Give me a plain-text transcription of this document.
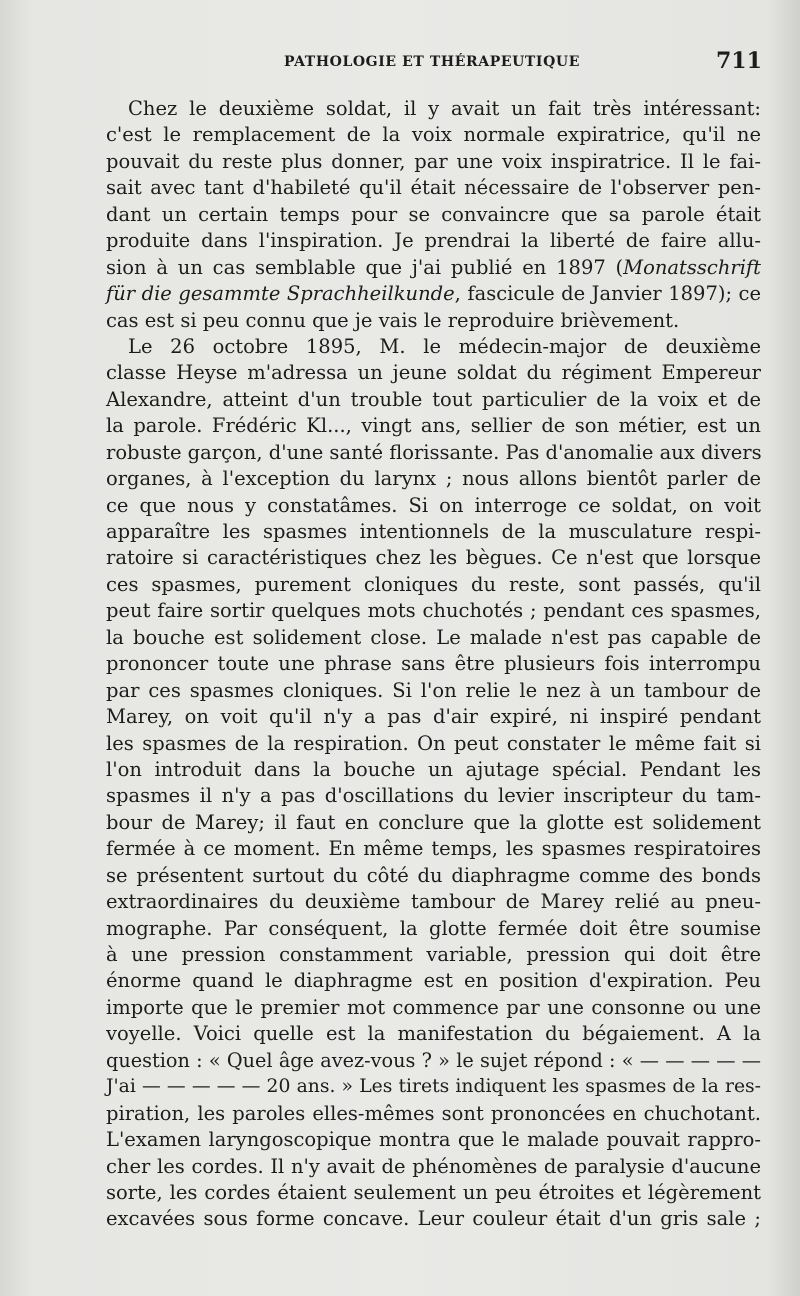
PATHOLOGIE ET THÉRAPEUTIQUE	711
Chez le deuxième soldat, il y avait un fait très intéressant:
c'est le remplacement de la voix normale expiratrice, qu'il ne
pouvait du reste plus donner, par une voix inspiratrice. Il le fai-
sait avec tant d'habileté qu'il était nécessaire de l'observer pen-
dant un certain temps pour se convaincre que sa parole était
produite dans l'inspiration. Je prendrai la liberté de faire allu-
sion à un cas semblable que j'ai publié en 1897 (Monatsschrift
für die gesammte Sprachheilkunde, fascicule de Janvier 1897); ce
cas est si peu connu que je vais le reproduire brièvement.
Le 26 octobre 1895, M. le médecin-major de deuxième
classe Heyse m'adressa un jeune soldat du régiment Empereur
Alexandre, atteint d'un trouble tout particulier de la voix et de
la parole. Frédéric Kl..., vingt ans, sellier de son métier, est un
robuste garçon, d'une santé florissante. Pas d'anomalie aux divers
organes, à l'exception du larynx ; nous allons bientôt parler de
ce que nous y constatâmes. Si on interroge ce soldat, on voit
apparaître les spasmes intentionnels de la musculature respi-
ratoire si caractéristiques chez les bègues. Ce n'est que lorsque
ces spasmes, purement cloniques du reste, sont passés, qu'il
peut faire sortir quelques mots chuchotés ; pendant ces spasmes,
la bouche est solidement close. Le malade n'est pas capable de
prononcer toute une phrase sans être plusieurs fois interrompu
par ces spasmes cloniques. Si l'on relie le nez à un tambour de
Marey, on voit qu'il n'y a pas d'air expiré, ni inspiré pendant
les spasmes de la respiration. On peut constater le même fait si
l'on introduit dans la bouche un ajutage spécial. Pendant les
spasmes il n'y a pas d'oscillations du levier inscripteur du tam-
bour de Marey; il faut en conclure que la glotte est solidement
fermée à ce moment. En même temps, les spasmes respiratoires
se présentent surtout du côté du diaphragme comme des bonds
extraordinaires du deuxième tambour de Marey relié au pneu-
mographe. Par conséquent, la glotte fermée doit être soumise
à une pression constamment variable, pression qui doit être
énorme quand le diaphragme est en position d'expiration. Peu
importe que le premier mot commence par une consonne ou une
voyelle. Voici quelle est la manifestation du bégaiement. A la
question : « Quel âge avez-vous ? » le sujet répond : « — — — — —
J'ai — — — — — 20 ans. » Les tirets indiquent les spasmes de la res-
piration, les paroles elles-mêmes sont prononcées en chuchotant.
L'examen laryngoscopique montra que le malade pouvait rappro-
cher les cordes. Il n'y avait de phénomènes de paralysie d'aucune
sorte, les cordes étaient seulement un peu étroites et légèrement
excavées sous forme concave. Leur couleur était d'un gris sale ;
